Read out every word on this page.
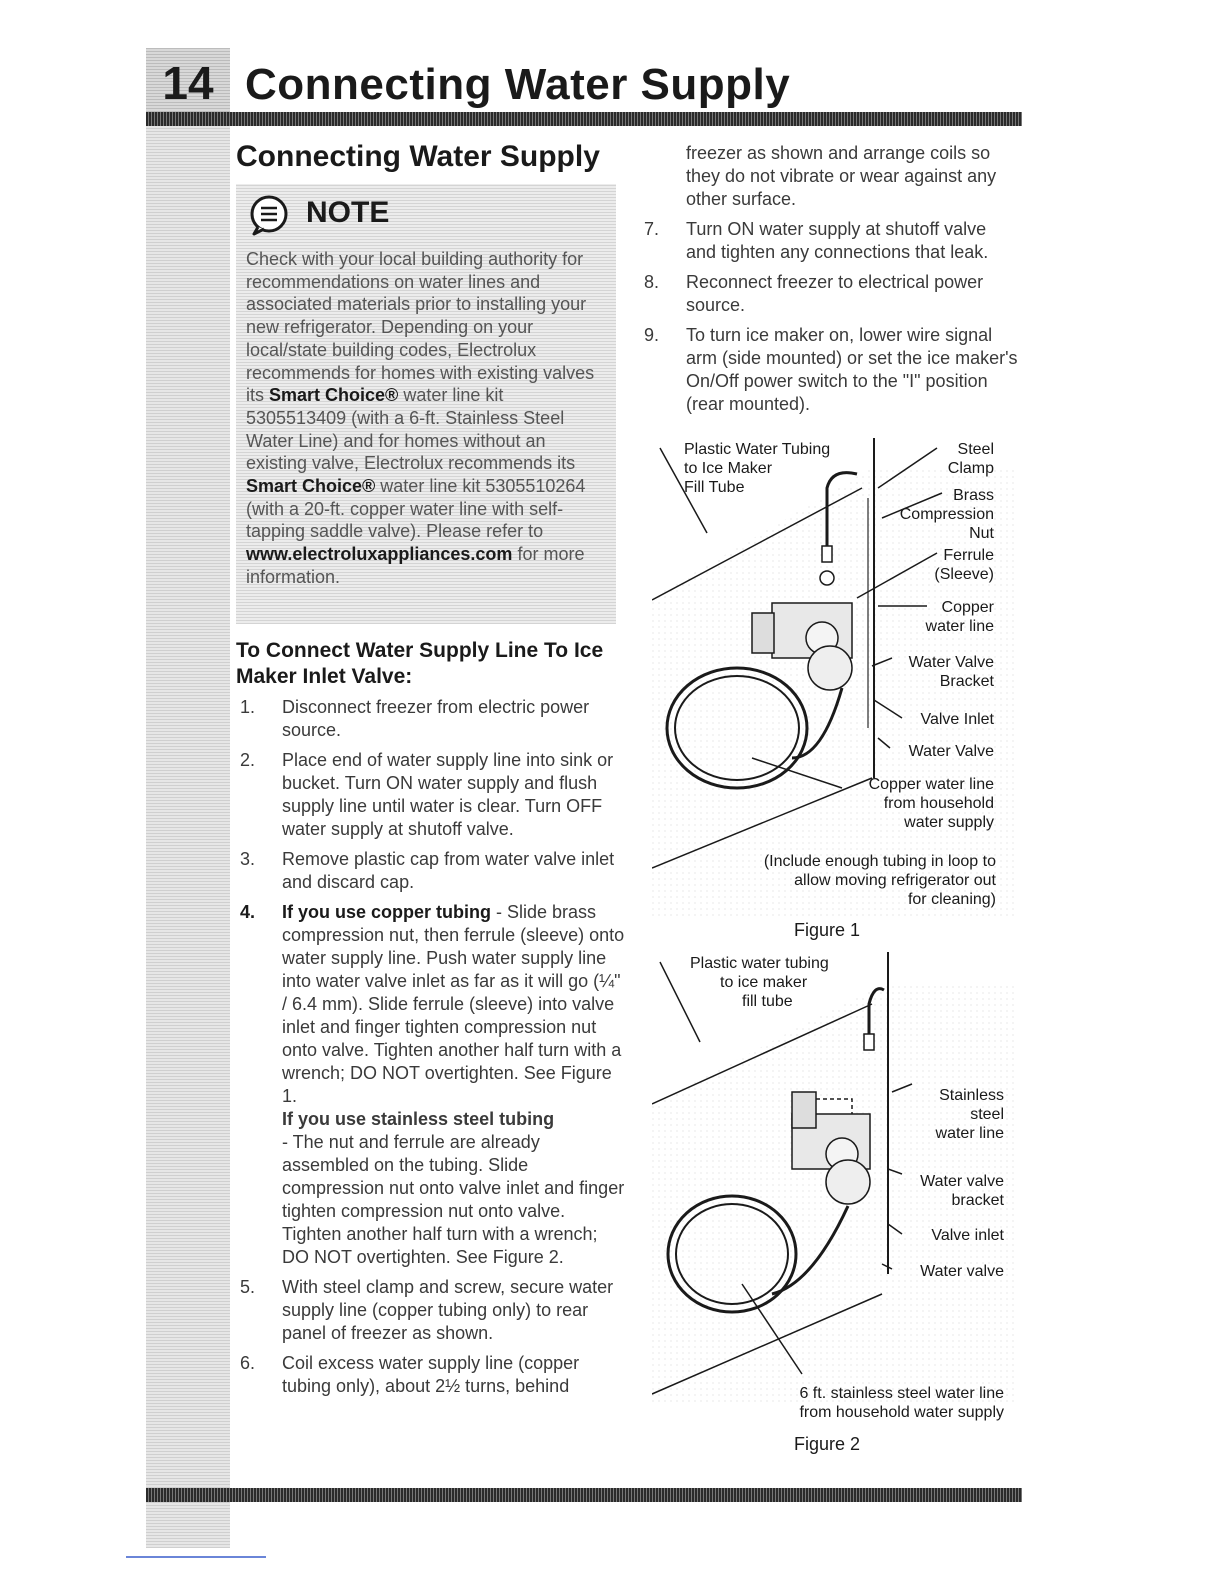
14 Connecting Water Supply
Connecting Water Supply
NOTE
Check with your local building authority for recommendations on water lines and associated materials prior to installing your new refrigerator. Depending on your local/state building codes, Electrolux recommends for homes with existing valves its Smart Choice® water line kit 5305513409 (with a 6-ft. Stainless Steel Water Line) and for homes without an existing valve, Electrolux recommends its Smart Choice® water line kit 5305510264 (with a 20-ft. copper water line with self-tapping saddle valve). Please refer to www.electroluxappliances.com for more information.
To Connect Water Supply Line To Ice Maker Inlet Valve:
1. Disconnect freezer from electric power source.
2. Place end of water supply line into sink or bucket. Turn ON water supply and flush supply line until water is clear. Turn OFF water supply at shutoff valve.
3. Remove plastic cap from water valve inlet and discard cap.
4. If you use copper tubing - Slide brass compression nut, then ferrule (sleeve) onto water supply line. Push water supply line into water valve inlet as far as it will go (¼" / 6.4 mm). Slide ferrule (sleeve) into valve inlet and finger tighten compression nut onto valve. Tighten another half turn with a wrench; DO NOT overtighten. See Figure 1.
If you use stainless steel tubing
- The nut and ferrule are already assembled on the tubing. Slide compression nut onto valve inlet and finger tighten compression nut onto valve. Tighten another half turn with a wrench; DO NOT overtighten. See Figure 2.
5. With steel clamp and screw, secure water supply line (copper tubing only) to rear panel of freezer as shown.
6. Coil excess water supply line (copper tubing only), about 2½ turns, behind
freezer as shown and arrange coils so they do not vibrate or wear against any other surface.
7. Turn ON water supply at shutoff valve and tighten any connections that leak.
8. Reconnect freezer to electrical power source.
9. To turn ice maker on, lower wire signal arm (side mounted) or set the ice maker's On/Off power switch to the "I" position (rear mounted).
Plastic Water Tubing
to Ice Maker
Fill Tube
Steel
Clamp
Brass
Compression
Nut
Ferrule
(Sleeve)
Copper
water line
Water Valve
Bracket
Valve Inlet
Water Valve
Copper water line
from household
water supply
(Include enough tubing in loop to
allow moving refrigerator out
for cleaning)
Figure 1
Plastic water tubing
to ice maker
fill tube
Stainless
steel
water line
Water valve
bracket
Valve inlet
Water valve
6 ft. stainless steel water line
from household water supply
Figure 2
